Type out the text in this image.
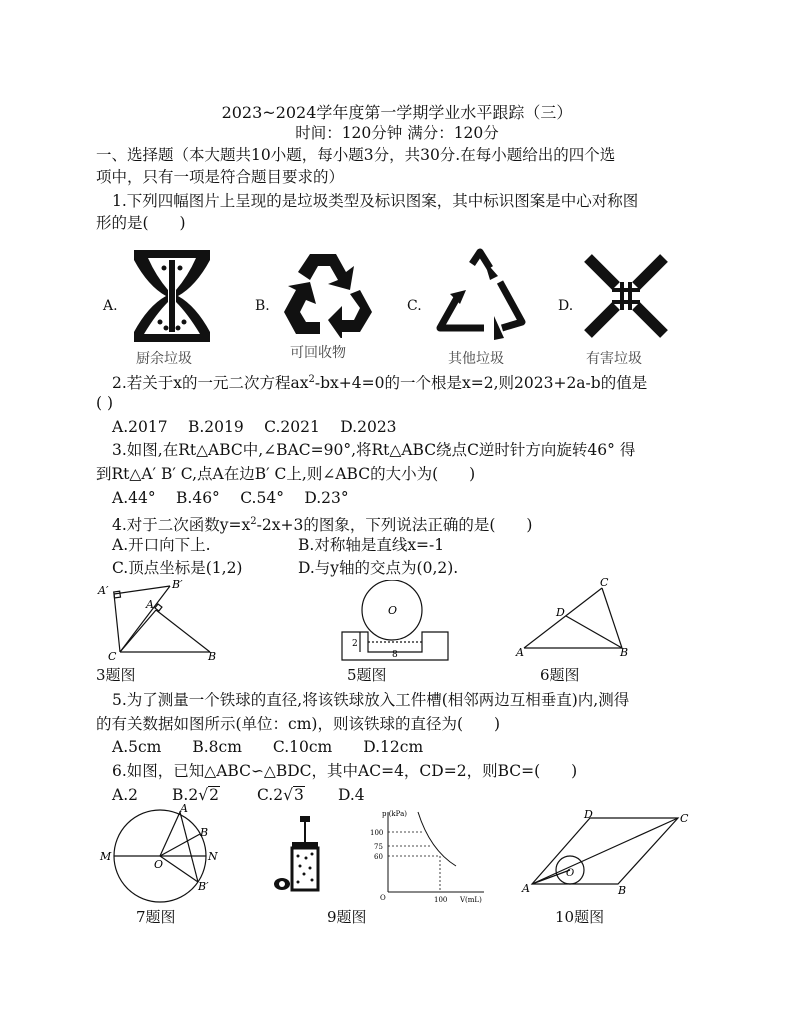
2023~2024学年度第一学期学业水平跟踪（三）
时间：120分钟 满分：120分
一、选择题（本大题共10小题，每小题3分，共30分.在每小题给出的四个选
项中，只有一项是符合题目要求的）
1.下列四幅图片上呈现的是垃圾类型及标识图案，其中标识图案是中心对称图
形的是(　　)
A.
厨余垃圾
B.
可回收物
C.
其他垃圾
D.
有害垃圾
2.若关于x的一元二次方程$ax^2-bx+4=0$的一个根是x=2,则2023+2a-b的值是
( )
A.2017　 B.2019　 C.2021　 D.2023
3.如图,在Rt△ABC中,∠BAC=90°,将Rt△ABC绕点C逆时针方向旋转46° 得
到Rt△A′ B′ C,点A在边B′ C上,则∠ABC的大小为(　　)
A.44°　 B.46°　 C.54°　 D.23°
4.对于二次函数$y=x^2-2x+3$的图象，下列说法正确的是(　　)
A.开口向下上.	B.对称轴是直线x=-1
C.顶点坐标是(1,2)	D.与y轴的交点为(0,2).
A′	B′
A
C	B
3题图
O
2
8
5题图
C
D
A	B
6题图
5.为了测量一个铁球的直径,将该铁球放入工件槽(相邻两边互相垂直)内,测得
的有关数据如图所示(单位：cm)，则该铁球的直径为(　　)
A.5cm　　B.8cm　　C.10cm　　D.12cm
6.如图，已知△ABC∽△BDC，其中AC=4，CD=2，则BC=(　　)
A.2 B.2√2 C.2√3 D.4
A
B
M
O
N
B′
7题图
p (kPa)
V(mL)
O
100
75
60
100
9题图
D	C
O
A	B
10题图
